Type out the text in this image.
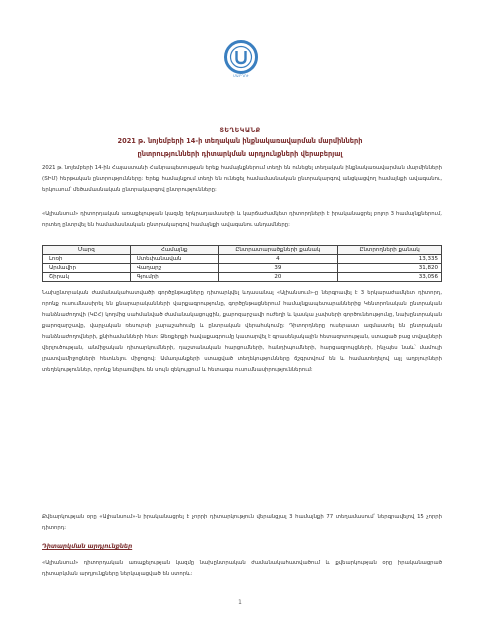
ՄԱՐԴՈՒ
ՏԵՂԵԿԱՆՔ
2021 թ. նոյեմբերի 14-ի տեղական ինքնակառավարման մարմինների
ընտրությունների դիտարկման արդյունքների վերաբերյալ
2021 թ. նոյեմբերի 14-ին Հայաստանի Հանրապետության երեք համայնքներում տեղի են ունեցել տեղական ինքնակառավարման մարմինների (ՏԻՄ) հերթական ընտրությունները: Երեք համայնքում տեղի են ունեցել համամասնական ընտրակարգով անցկացվող համայնքի ավագանու, երկուսում՝ մեծամասնական ընտրակարգով ընտրությունները:
«Ալիանսում» դիտորդական առաքելության կազմը երկրադամասերի և կարճաժամկետ դիտորդների է իրականացրել բոլոր 3 համայնքներում, որտեղ ընտրվել են համամասնական ընտրակարգով համայնքի ավագանու անդամները:
Մարզ	Համայնք	Ընտրատարածքների քանակ	Ընտրողների քանակ
Լոռի	Ստեփանավան	4	13,335
Արմավիր	Վաղարշ	39	31,820
Շիրակ	Գյումրի	20	33,056
Նախընտրական ժամանակահատվածի գործընթացները դիտարկվել ևդասանալ «Ալիանսում»-ը ներգրավել է 3 երկարաժամկետ դիտորդ, որոնք ուսումնասիրել են քնարարականների վարքագրությունը, գործընթացներում համայնքապետարաններից Կենտրոնական ընտրական հանձնաժողովի (ԿԸՀ) կողմից սահմանված ժամանակացույցին, քարոզարշավի ուժեղի և կասկա չափսերի գործունեությունը, նախընտրական քարոզարշավը, վարչական ռեսուրսի չարաշահումը և ընտրական վերահսկումը: Դիտորդները ուսերաստ ազմաստել են ընտրական հանձնաժողովների, քնիհամանների հետ: Ձեռքերքի հավաքագրումը կատարվել է գրասենյակային հետազոտության, ստացած բաց տվյալների վերլուծության, անմիջական դիտարկումների, դաշտանական հարցումների, հանդիպումների, հարցազրույցների, ինչպես նաև՝ մամուլի լրատվամիջոցների հետևելու միջոցով: Ամառյանքերի ստացված տեղեկությունները ճշգրտվում են և համատեղելով այլ աղբյուրների տեղեկություններ, որոնք ներառվելու են սույն զեկույցում և հետագա ուսումնասիրություններում:
Քվեարկության օրը «Ալիանսում»-ն իրականացրել է չորրի դիտարկություն վերանցյալ 3 համայնքի 77 տեղամասում՝ ներգրավելով 15 չորրի դիտորդ:
Դիտարկման արդյունքներ
«Ալիանսում» դիտորդական առաքելության կազմը նախընտրական ժամանակահատվածում և քվեարկության օրը իրականացրած դիտարկման արդյունքները ներկայացված են ստորև:
1
